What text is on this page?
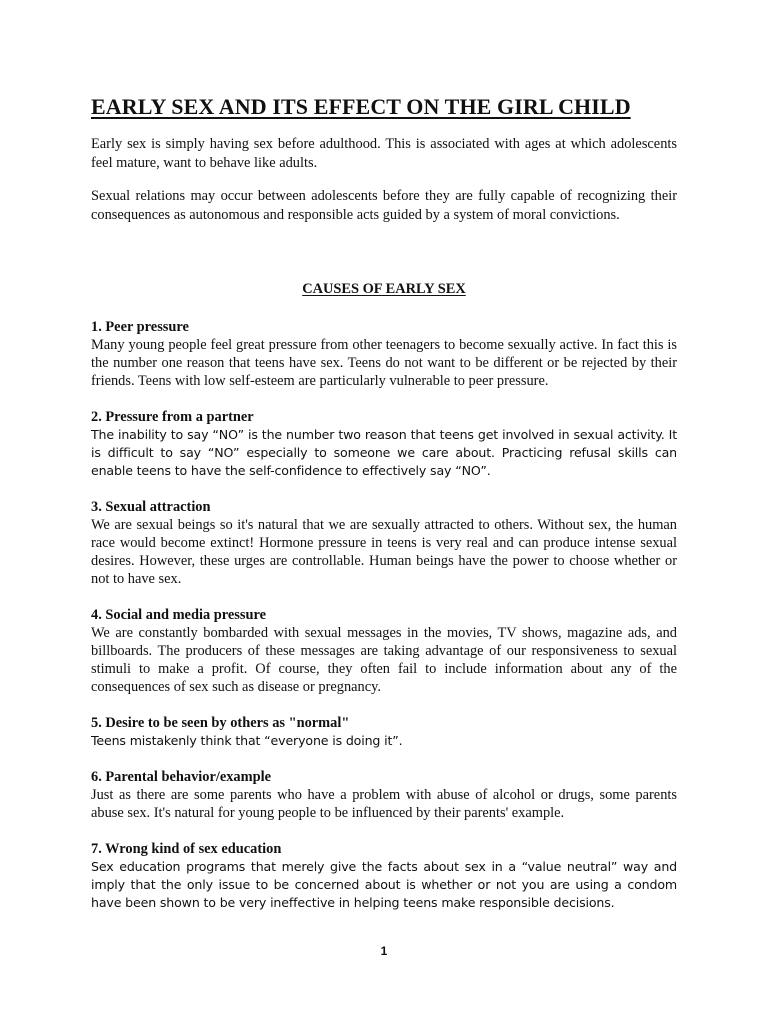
EARLY SEX AND ITS EFFECT ON THE GIRL CHILD

Early sex is simply having sex before adulthood. This is associated with ages at which adolescents feel mature, want to behave like adults.

Sexual relations may occur between adolescents before they are fully capable of recognizing their consequences as autonomous and responsible acts guided by a system of moral convictions.

CAUSES OF EARLY SEX
1. Peer pressure
Many young people feel great pressure from other teenagers to become sexually active. In fact this is the number one reason that teens have sex. Teens do not want to be different or be rejected by their friends. Teens with low self-esteem are particularly vulnerable to peer pressure.
2. Pressure from a partner
The inability to say “NO” is the number two reason that teens get involved in sexual activity. It is difficult to say “NO” especially to someone we care about. Practicing refusal skills can enable teens to have the self-confidence to effectively say “NO”.
3. Sexual attraction
We are sexual beings so it's natural that we are sexually attracted to others. Without sex, the human race would become extinct! Hormone pressure in teens is very real and can produce intense sexual desires. However, these urges are controllable. Human beings have the power to choose whether or not to have sex.
4. Social and media pressure
We are constantly bombarded with sexual messages in the movies, TV shows, magazine ads, and billboards. The producers of these messages are taking advantage of our responsiveness to sexual stimuli to make a profit. Of course, they often fail to include information about any of the consequences of sex such as disease or pregnancy.
5. Desire to be seen by others as "normal"
Teens mistakenly think that “everyone is doing it”.
6. Parental behavior/example
Just as there are some parents who have a problem with abuse of alcohol or drugs, some parents abuse sex. It's natural for young people to be influenced by their parents' example.
7. Wrong kind of sex education
Sex education programs that merely give the facts about sex in a “value neutral” way and imply that the only issue to be concerned about is whether or not you are using a condom have been shown to be very ineffective in helping teens make responsible decisions.
1
